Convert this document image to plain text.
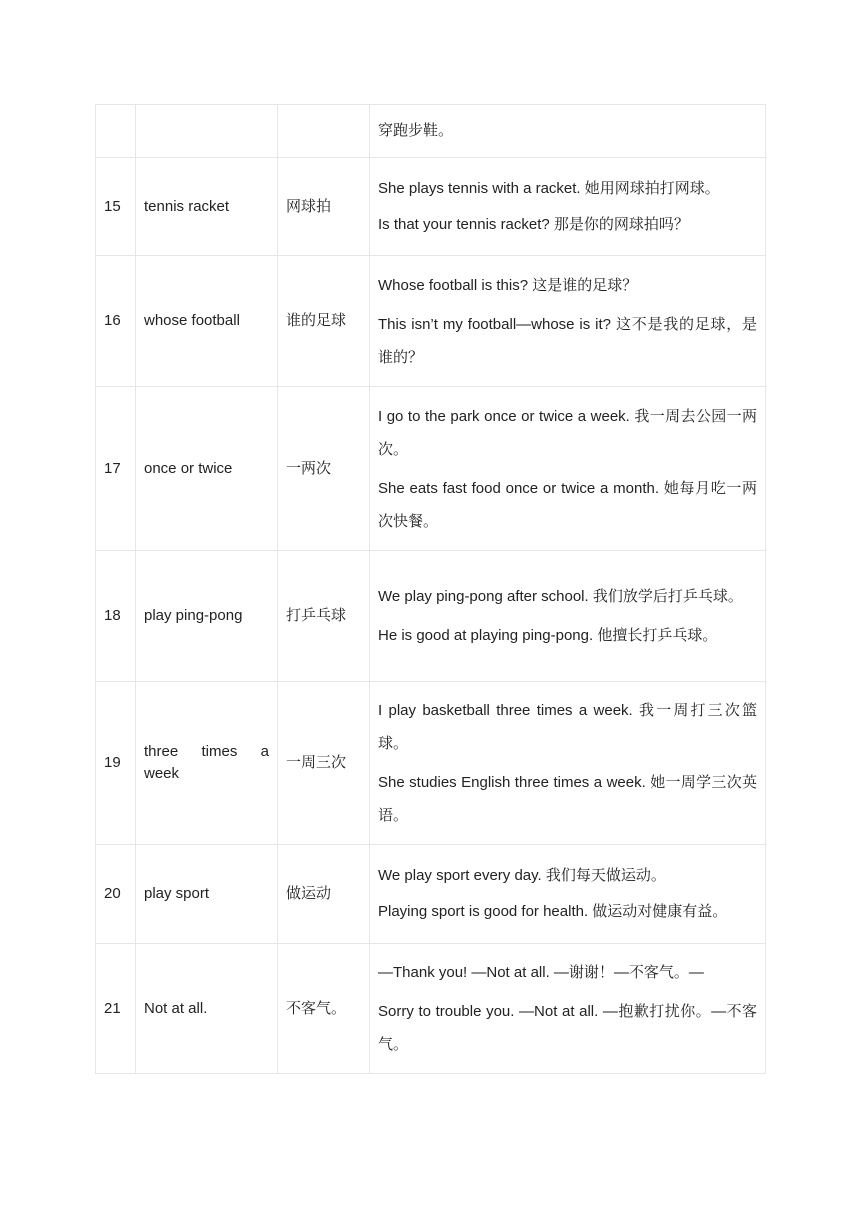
			穿跑步鞋。

15	tennis racket	网球拍	She plays tennis with a racket. 她用网球拍打网球。
Is that your tennis racket? 那是你的网球拍吗？

16	whose football	谁的足球	Whose football is this? 这是谁的足球？
This isn’t my football—whose is it? 这不是我的足球，是谁的？

17	once or twice	一两次	I go to the park once or twice a week. 我一周去公园一两次。
She eats fast food once or twice a month. 她每月吃一两次快餐。

18	play ping-pong	打乒乓球	We play ping-pong after school. 我们放学后打乒乓球。
He is good at playing ping-pong. 他擅长打乒乓球。

19	three times a week	一周三次	I play basketball three times a week. 我一周打三次篮球。
She studies English three times a week. 她一周学三次英语。

20	play sport	做运动	We play sport every day. 我们每天做运动。
Playing sport is good for health. 做运动对健康有益。

21	Not at all.	不客气。	—Thank you! —Not at all. —谢谢！—不客气。—
Sorry to trouble you. —Not at all. —抱歉打扰你。—不客气。
